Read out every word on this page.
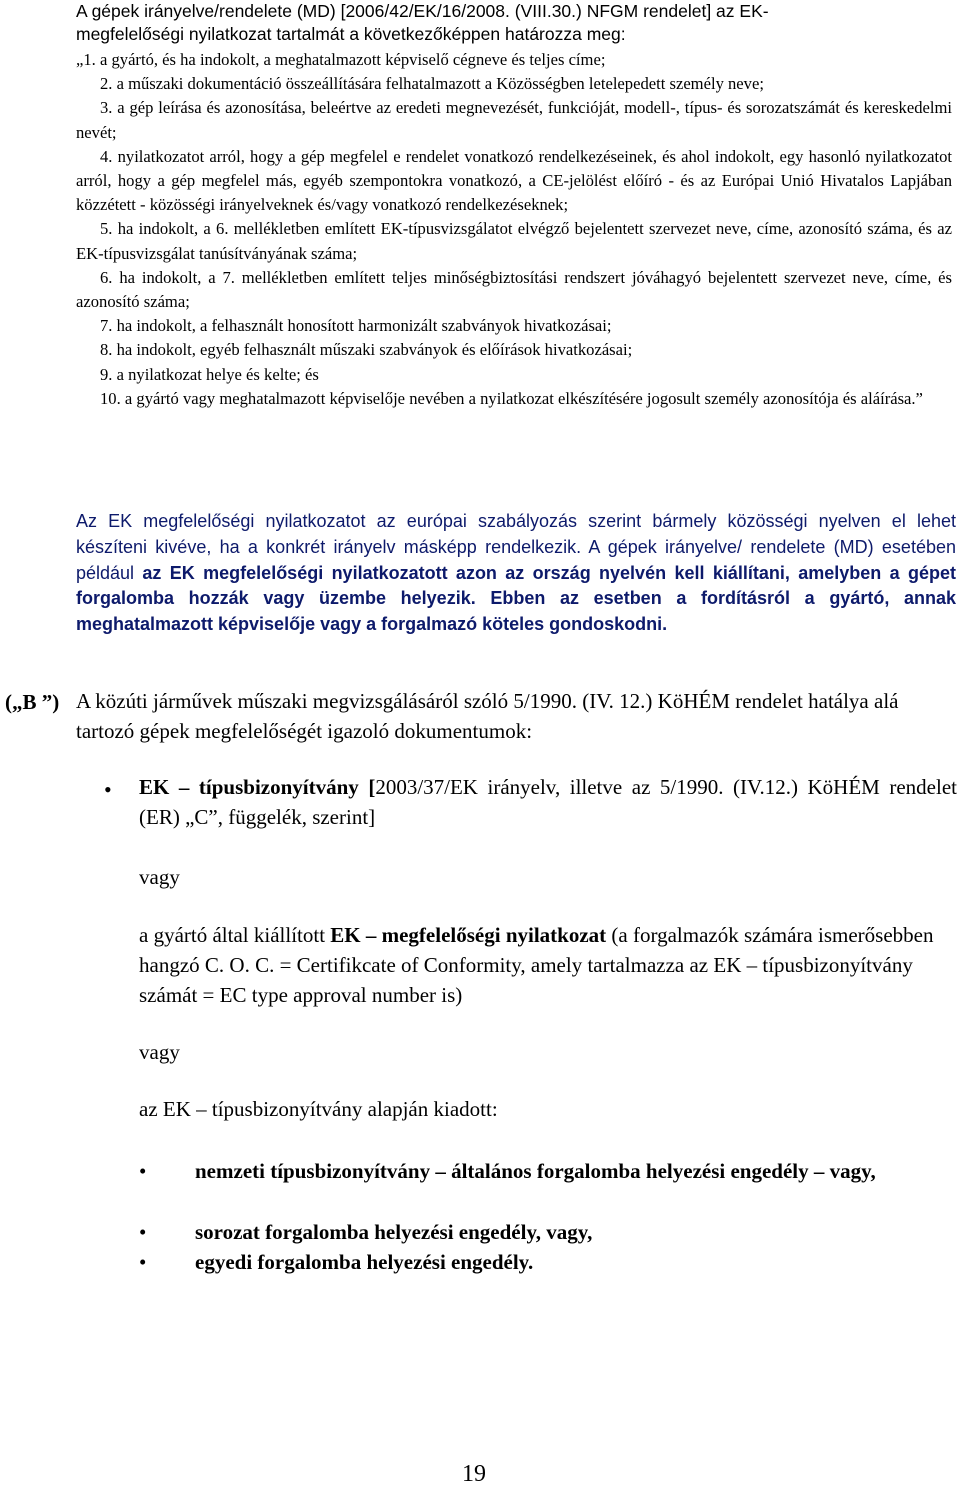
A gépek irányelve/rendelete (MD) [2006/42/EK/16/2008. (VIII.30.) NFGM rendelet] az EK-
megfelelőségi nyilatkozat tartalmát a következőképpen határozza meg:

„1. a gyártó, és ha indokolt, a meghatalmazott képviselő cégneve és teljes címe;

2. a műszaki dokumentáció összeállítására felhatalmazott a Közösségben letelepedett személy neve;

3. a gép leírása és azonosítása, beleértve az eredeti megnevezését, funkcióját, modell-, típus- és sorozatszámát és kereskedelmi nevét;

4. nyilatkozatot arról, hogy a gép megfelel e rendelet vonatkozó rendelkezéseinek, és ahol indokolt, egy hasonló nyilatkozatot arról, hogy a gép megfelel más, egyéb szempontokra vonatkozó, a CE-jelölést előíró - és az Európai Unió Hivatalos Lapjában közzétett - közösségi irányelveknek és/vagy vonatkozó rendelkezéseknek;

5. ha indokolt, a 6. mellékletben említett EK-típusvizsgálatot elvégző bejelentett szervezet neve, címe, azonosító száma, és az EK-típusvizsgálat tanúsítványának száma;

6. ha indokolt, a 7. mellékletben említett teljes minőségbiztosítási rendszert jóváhagyó bejelentett szervezet neve, címe, és azonosító száma;

7. ha indokolt, a felhasznált honosított harmonizált szabványok hivatkozásai;

8. ha indokolt, egyéb felhasznált műszaki szabványok és előírások hivatkozásai;

9. a nyilatkozat helye és kelte; és

10. a gyártó vagy meghatalmazott képviselője nevében a nyilatkozat elkészítésére jogosult személy azonosítója és aláírása.”

Az EK megfelelőségi nyilatkozatot az európai szabályozás szerint bármely közösségi nyelven el lehet készíteni kivéve, ha a konkrét irányelv másképp rendelkezik. A gépek irányelve/ rendelete (MD) esetében például az EK megfelelőségi nyilatkozatott azon az ország nyelvén kell kiállítani, amelyben a gépet forgalomba hozzák vagy üzembe helyezik. Ebben az esetben a fordításról a gyártó, annak meghatalmazott képviselője vagy a forgalmazó köteles gondoskodni.
(„B ”) A közúti járművek műszaki megvizsgálásáról szóló 5/1990. (IV. 12.) KöHÉM rendelet hatálya alá tartozó gépek megfelelőségét igazoló dokumentumok:
• EK – típusbizonyítvány [2003/37/EK irányelv, illetve az 5/1990. (IV.12.) KöHÉM rendelet (ER) „C”, függelék, szerint]
vagy
a gyártó által kiállított EK – megfelelőségi nyilatkozat (a forgalmazók számára ismerősebben hangzó C. O. C. = Certifikcate of Conformity, amely tartalmazza az EK – típusbizonyítvány számát = EC type approval number is)
vagy
az EK – típusbizonyítvány alapján kiadott:
• nemzeti típusbizonyítvány – általános forgalomba helyezési engedély – vagy,
• sorozat forgalomba helyezési engedély, vagy,
• egyedi forgalomba helyezési engedély.
19
